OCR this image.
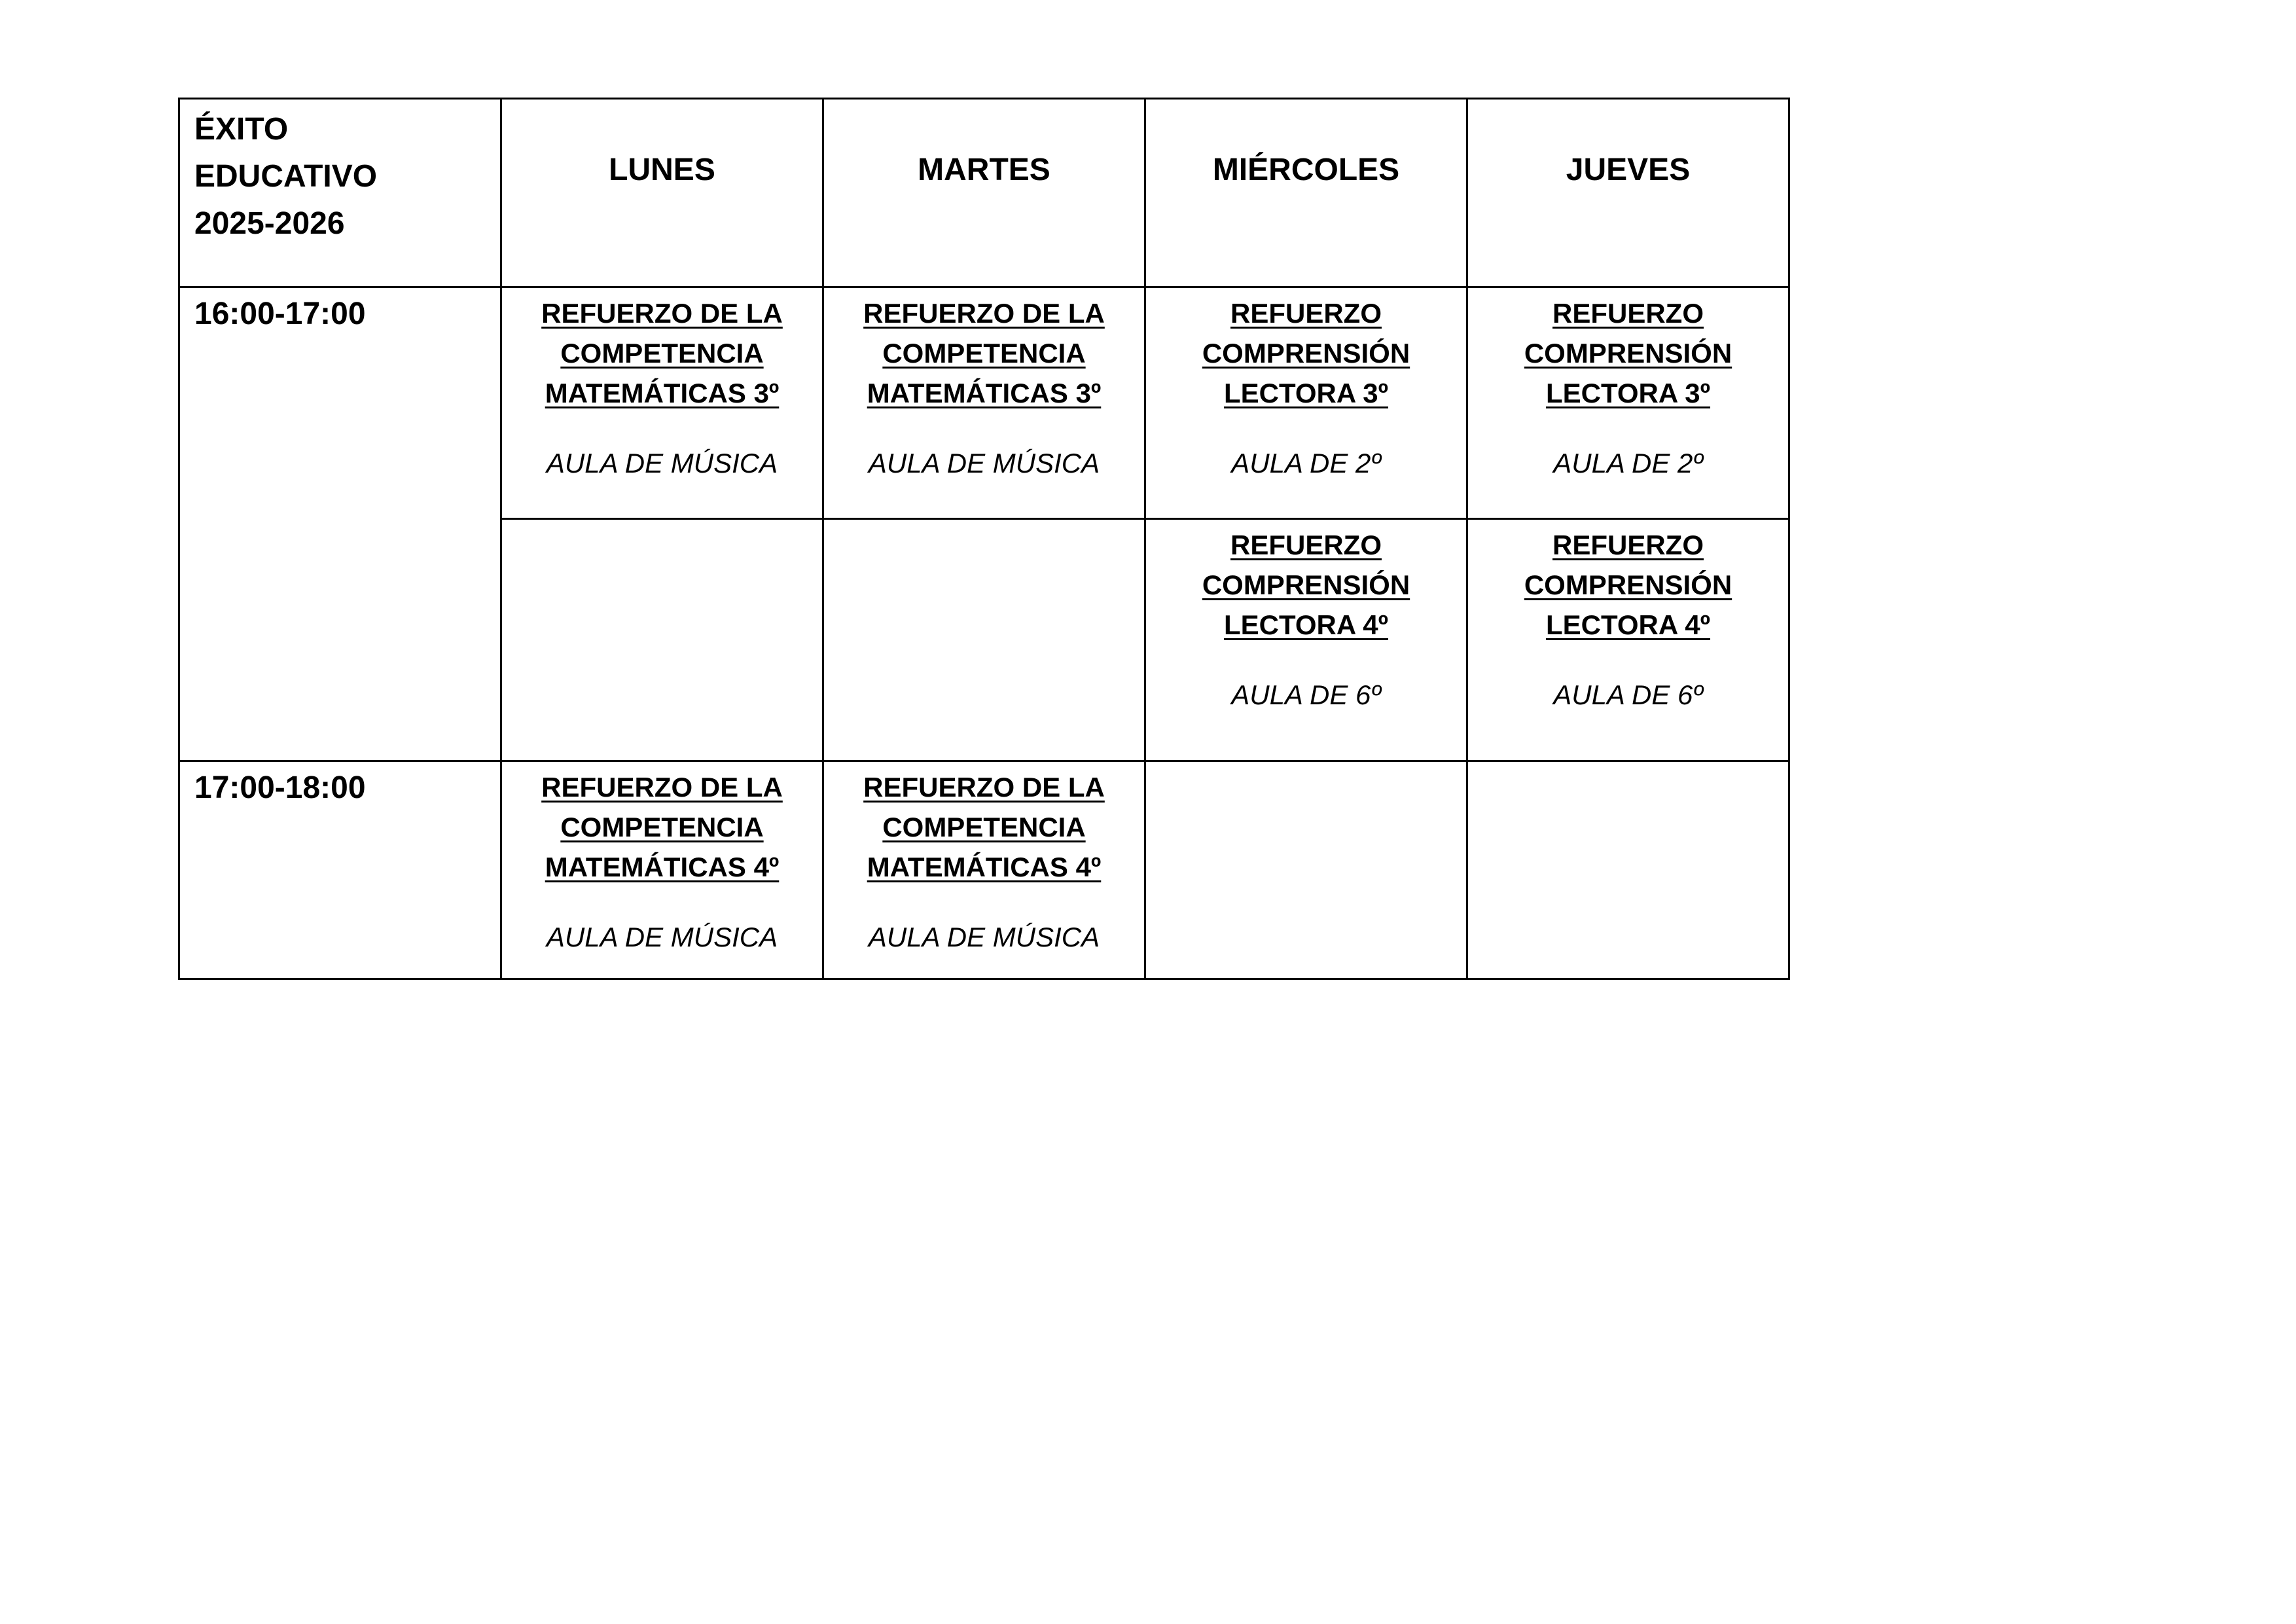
ÉXITO
EDUCATIVO
2025-2026	LUNES	MARTES	MIÉRCOLES	JUEVES

16:00-17:00	REFUERZO DE LA
COMPETENCIA
MATEMÁTICAS 3º
AULA DE MÚSICA	REFUERZO DE LA
COMPETENCIA
MATEMÁTICAS 3º
AULA DE MÚSICA	REFUERZO
COMPRENSIÓN
LECTORA 3º
AULA DE 2º	REFUERZO
COMPRENSIÓN
LECTORA 3º
AULA DE 2º

			REFUERZO
COMPRENSIÓN
LECTORA 4º
AULA DE 6º	REFUERZO
COMPRENSIÓN
LECTORA 4º
AULA DE 6º

17:00-18:00	REFUERZO DE LA
COMPETENCIA
MATEMÁTICAS 4º
AULA DE MÚSICA	REFUERZO DE LA
COMPETENCIA
MATEMÁTICAS 4º
AULA DE MÚSICA		
